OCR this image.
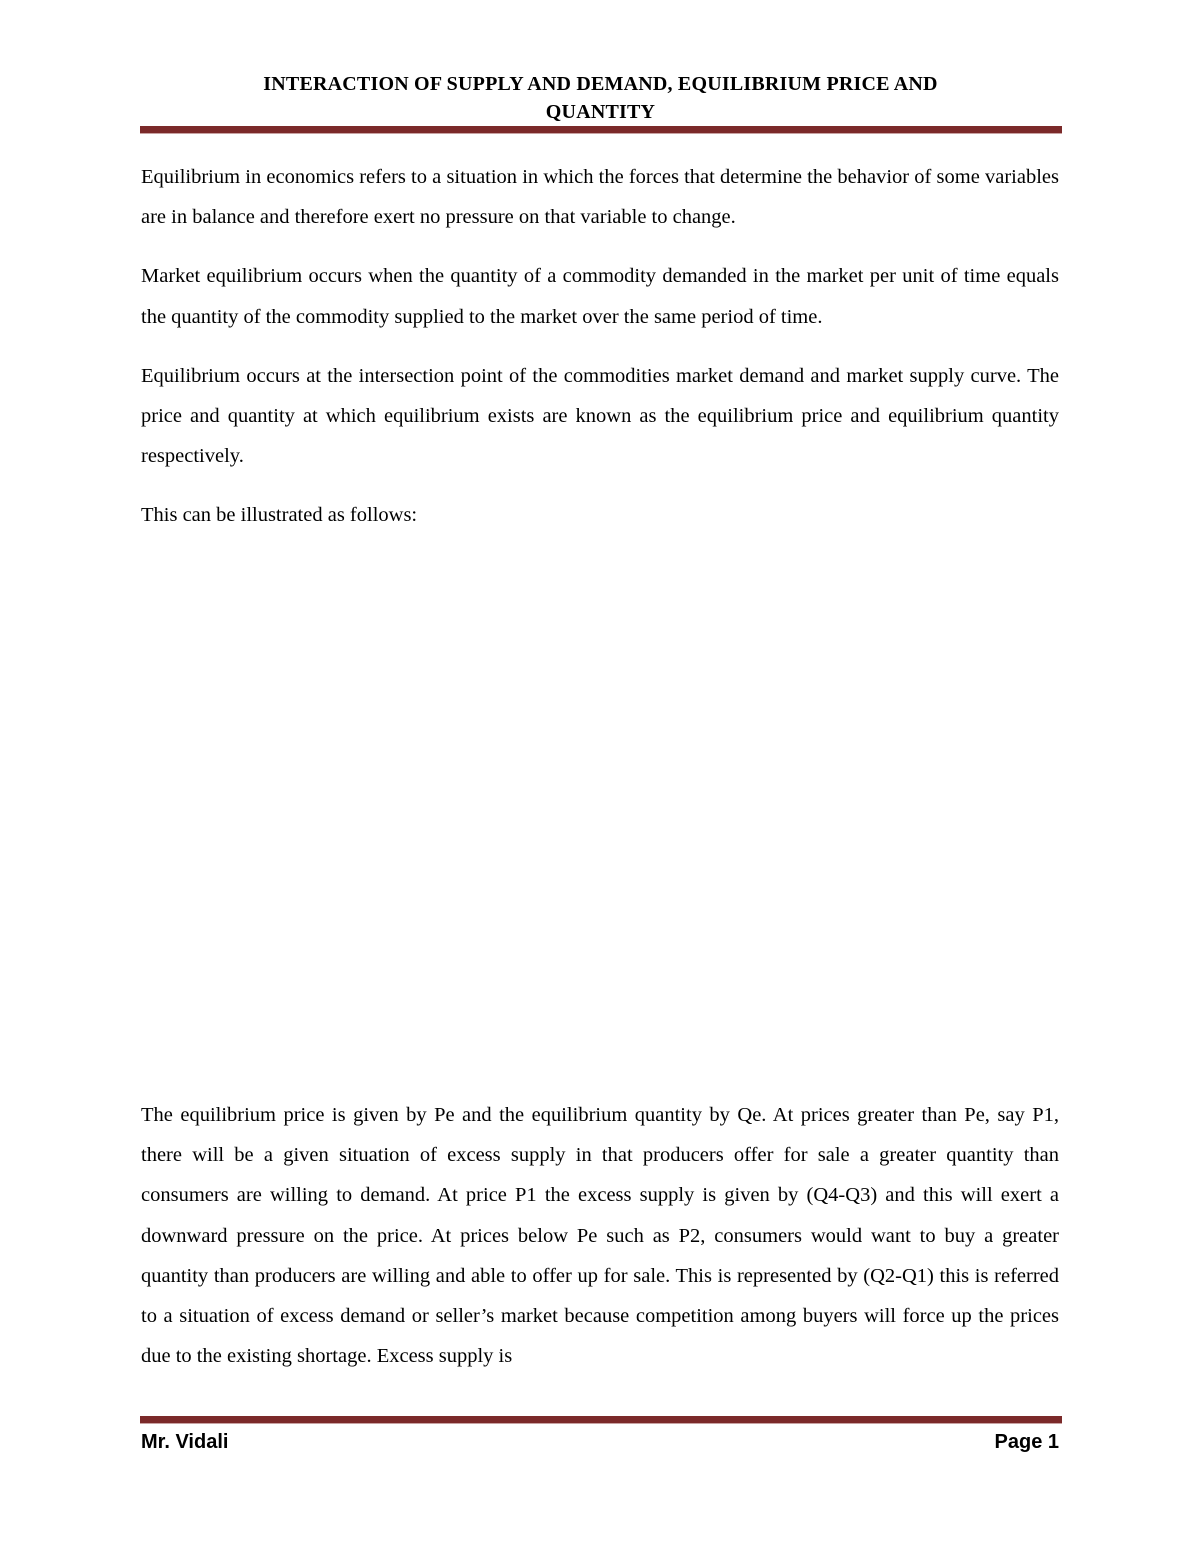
INTERACTION OF SUPPLY AND DEMAND, EQUILIBRIUM PRICE AND
QUANTITY

Equilibrium in economics refers to a situation in which the forces that determine the behavior of some variables are in balance and therefore exert no pressure on that variable to change.

Market equilibrium occurs when the quantity of a commodity demanded in the market per unit of time equals the quantity of the commodity supplied to the market over the same period of time.

Equilibrium occurs at the intersection point of the commodities market demand and market supply curve. The price and quantity at which equilibrium exists are known as the equilibrium price and equilibrium quantity respectively.

This can be illustrated as follows:

The equilibrium price is given by Pe and the equilibrium quantity by Qe. At prices greater than Pe, say P1, there will be a given situation of excess supply in that producers offer for sale a greater quantity than consumers are willing to demand. At price P1 the excess supply is given by (Q4-Q3) and this will exert a downward pressure on the price. At prices below Pe such as P2, consumers would want to buy a greater quantity than producers are willing and able to offer up for sale. This is represented by (Q2-Q1) this is referred to a situation of excess demand or seller’s market because competition among buyers will force up the prices due to the existing shortage. Excess supply is

Mr. Vidali	Page 1
